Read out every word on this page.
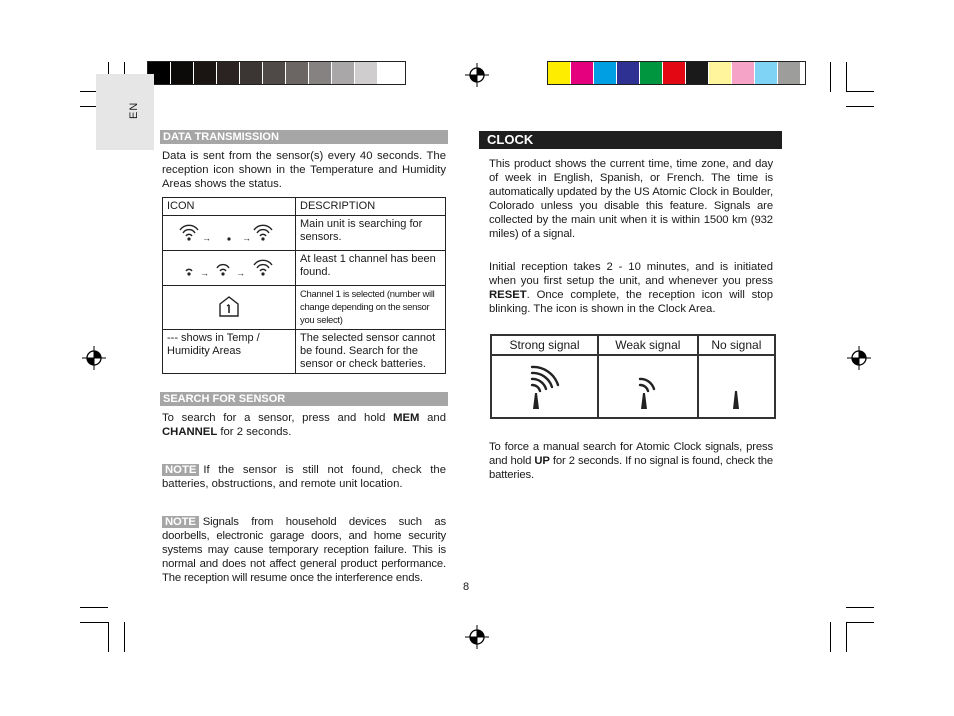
EN
DATA TRANSMISSION
Data is sent from the sensor(s) every 40 seconds. The reception icon shown in the Temperature and Humidity Areas shows the status.
ICON	DESCRIPTION

→ →	Main unit is searching for sensors.

→ →	At least 1 channel has been found.
	Channel 1 is selected (number will change depending on the sensor you select)
--- shows in Temp / Humidity Areas	The selected sensor cannot be found. Search for the sensor or check batteries.
SEARCH FOR SENSOR
To search for a sensor, press and hold MEM and CHANNEL for 2 seconds.
NOTE If the sensor is still not found, check the batteries, obstructions, and remote unit location.
NOTE Signals from household devices such as doorbells, electronic garage doors, and home security systems may cause temporary reception failure. This is normal and does not affect general product performance. The reception will resume once the interference ends.
8
CLOCK
This product shows the current time, time zone, and day of week in English, Spanish, or French. The time is automatically updated by the US Atomic Clock in Boulder, Colorado unless you disable this feature. Signals are collected by the main unit when it is within 1500 km (932 miles) of a signal.
Initial reception takes 2 - 10 minutes, and is initiated when you first setup the unit, and whenever you press RESET. Once complete, the reception icon will stop blinking. The icon is shown in the Clock Area.
Strong signal	Weak signal	No signal

To force a manual search for Atomic Clock signals, press and hold UP for 2 seconds. If no signal is found, check the batteries.
